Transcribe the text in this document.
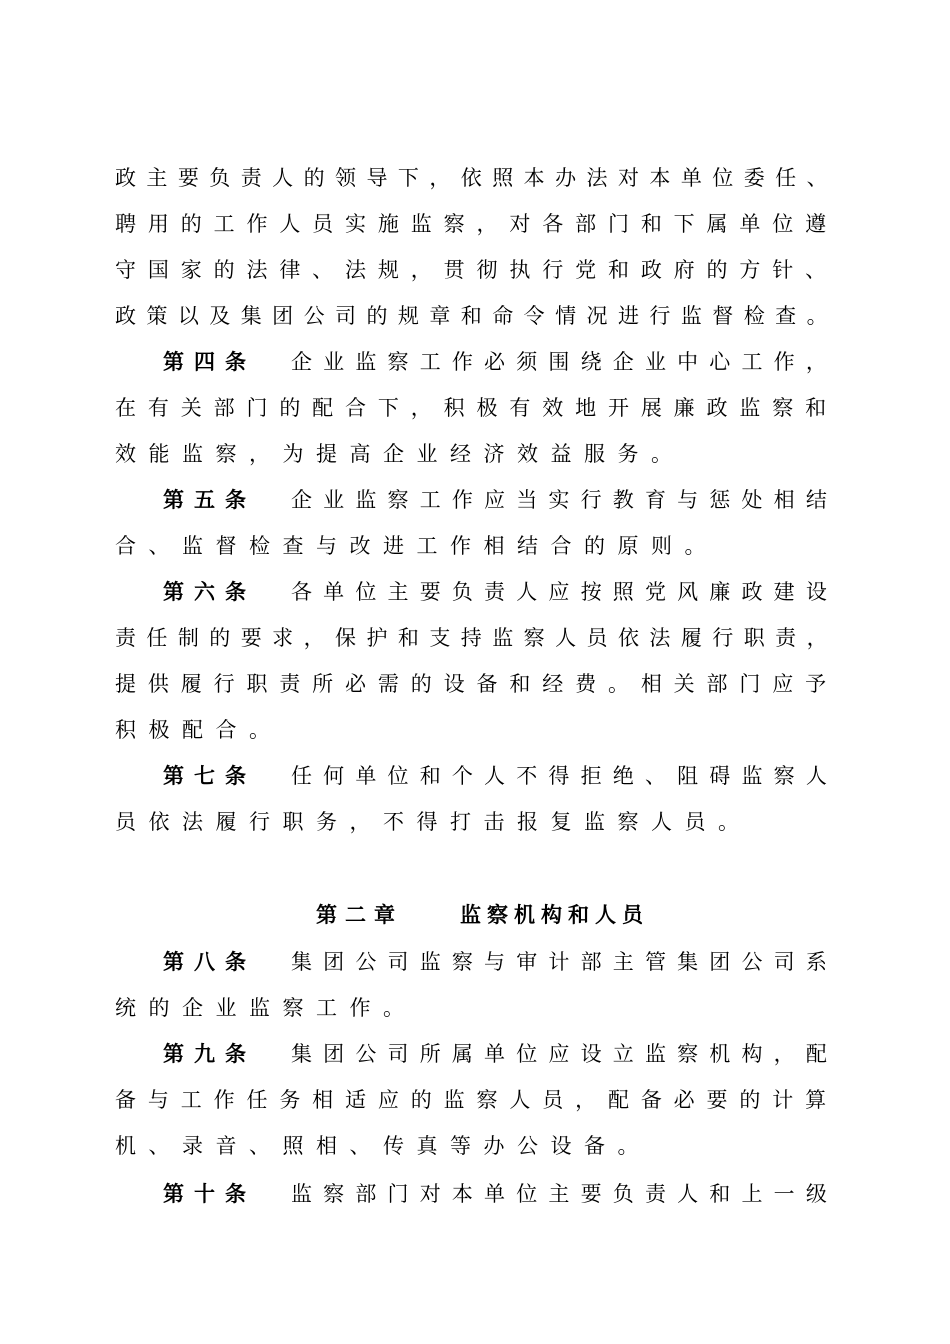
政主要负责人的领导下，依照本办法对本单位委任、
聘用的工作人员实施监察，对各部门和下属单位遵
守国家的法律、法规，贯彻执行党和政府的方针、
政策以及集团公司的规章和命令情况进行监督检查。
第四条 企业监察工作必须围绕企业中心工作，
在有关部门的配合下，积极有效地开展廉政监察和
效能监察，为提高企业经济效益服务。
第五条 企业监察工作应当实行教育与惩处相结
合、监督检查与改进工作相结合的原则。
第六条 各单位主要负责人应按照党风廉政建设
责任制的要求，保护和支持监察人员依法履行职责，
提供履行职责所必需的设备和经费。相关部门应予
积极配合。
第七条 任何单位和个人不得拒绝、阻碍监察人
员依法履行职务，不得打击报复监察人员。
第二章	监察机构和人员
第八条 集团公司监察与审计部主管集团公司系
统的企业监察工作。
第九条 集团公司所属单位应设立监察机构，配
备与工作任务相适应的监察人员，配备必要的计算
机、录音、照相、传真等办公设备。
第十条 监察部门对本单位主要负责人和上一级
